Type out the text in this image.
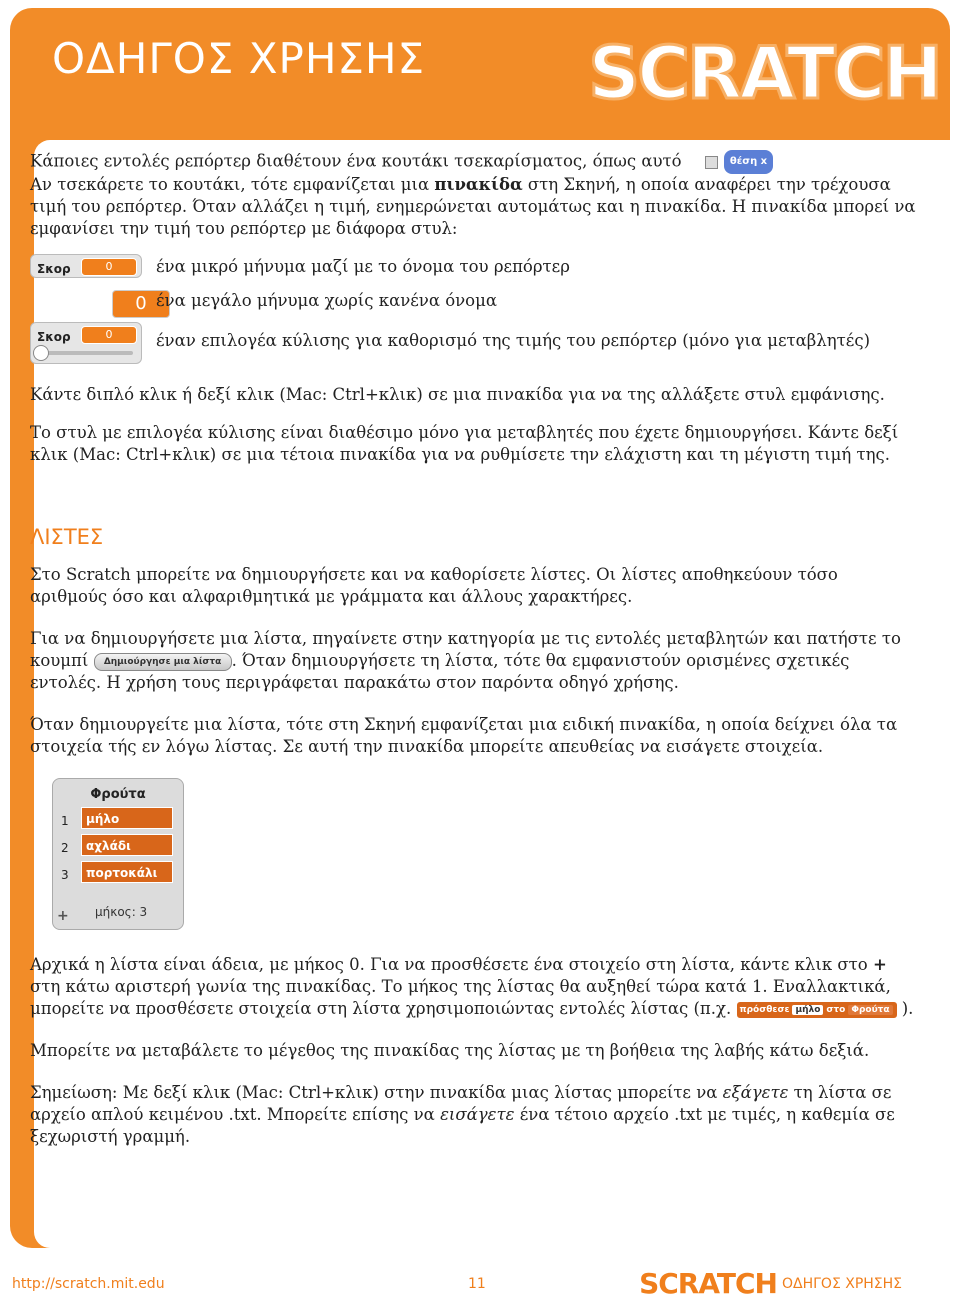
ΟΔΗΓΟΣ ΧΡΗΣΗΣ SCRATCH

Κάποιες εντολές ρεπόρτερ διαθέτουν ένα κουτάκι τσεκαρίσματος, όπως αυτό	θέση x

Αν τσεκάρετε το κουτάκι, τότε εμφανίζεται μια πινακίδα στη Σκηνή, η οποία αναφέρει την τρέχουσα τιμή του ρεπόρτερ. Όταν αλλάζει η τιμή, ενημερώνεται αυτομάτως και η πινακίδα. Η πινακίδα μπορεί να εμφανίσει την τιμή του ρεπόρτερ με διάφορα στυλ:

Σκορ	0	ένα μικρό μήνυμα μαζί με το όνομα του ρεπόρτερ
0 ένα μεγάλο μήνυμα χωρίς κανένα όνομα
Σκορ	0	έναν επιλογέα κύλισης για καθορισμό της τιμής του ρεπόρτερ (μόνο για μεταβλητές)

Κάντε διπλό κλικ ή δεξί κλικ (Mac: Ctrl+κλικ) σε μια πινακίδα για να της αλλάξετε στυλ εμφάνισης.

Το στυλ με επιλογέα κύλισης είναι διαθέσιμο μόνο για μεταβλητές που έχετε δημιουργήσει. Κάντε δεξί κλικ (Mac: Ctrl+κλικ) σε μια τέτοια πινακίδα για να ρυθμίσετε την ελάχιστη και τη μέγιστη τιμή της.

ΛΙΣΤΕΣ

Στο Scratch μπορείτε να δημιουργήσετε και να καθορίσετε λίστες. Οι λίστες αποθηκεύουν τόσο αριθμούς όσο και αλφαριθμητικά με γράμματα και άλλους χαρακτήρες.

Για να δημιουργήσετε μια λίστα, πηγαίνετε στην κατηγορία με τις εντολές μεταβλητών και πατήστε το κουμπί Δημιούργησε μια λίστα . Όταν δημιουργήσετε τη λίστα, τότε θα εμφανιστούν ορισμένες σχετικές εντολές. Η χρήση τους περιγράφεται παρακάτω στον παρόντα οδηγό χρήσης.

Όταν δημιουργείτε μια λίστα, τότε στη Σκηνή εμφανίζεται μια ειδική πινακίδα, η οποία δείχνει όλα τα στοιχεία τής εν λόγω λίστας. Σε αυτή την πινακίδα μπορείτε απευθείας να εισάγετε στοιχεία.

Φρούτα
1	μήλο
2	αχλάδι
3	πορτοκάλι
+ μήκος: 3

Αρχικά η λίστα είναι άδεια, με μήκος 0. Για να προσθέσετε ένα στοιχείο στη λίστα, κάντε κλικ στο + στη κάτω αριστερή γωνία της πινακίδας. Το μήκος της λίστας θα αυξηθεί τώρα κατά 1. Εναλλακτικά, μπορείτε να προσθέσετε στοιχεία στη λίστα χρησιμοποιώντας εντολές λίστας (π.χ. πρόσθεσε μήλο στο Φρούτα ).

Μπορείτε να μεταβάλετε το μέγεθος της πινακίδας της λίστας με τη βοήθεια της λαβής κάτω δεξιά.

Σημείωση: Με δεξί κλικ (Mac: Ctrl+κλικ) στην πινακίδα μιας λίστας μπορείτε να εξάγετε τη λίστα σε αρχείο απλού κειμένου .txt. Μπορείτε επίσης να εισάγετε ένα τέτοιο αρχείο .txt με τιμές, η καθεμία σε ξεχωριστή γραμμή.

http://scratch.mit.edu	11	SCRATCH ΟΔΗΓΟΣ ΧΡΗΣΗΣ
